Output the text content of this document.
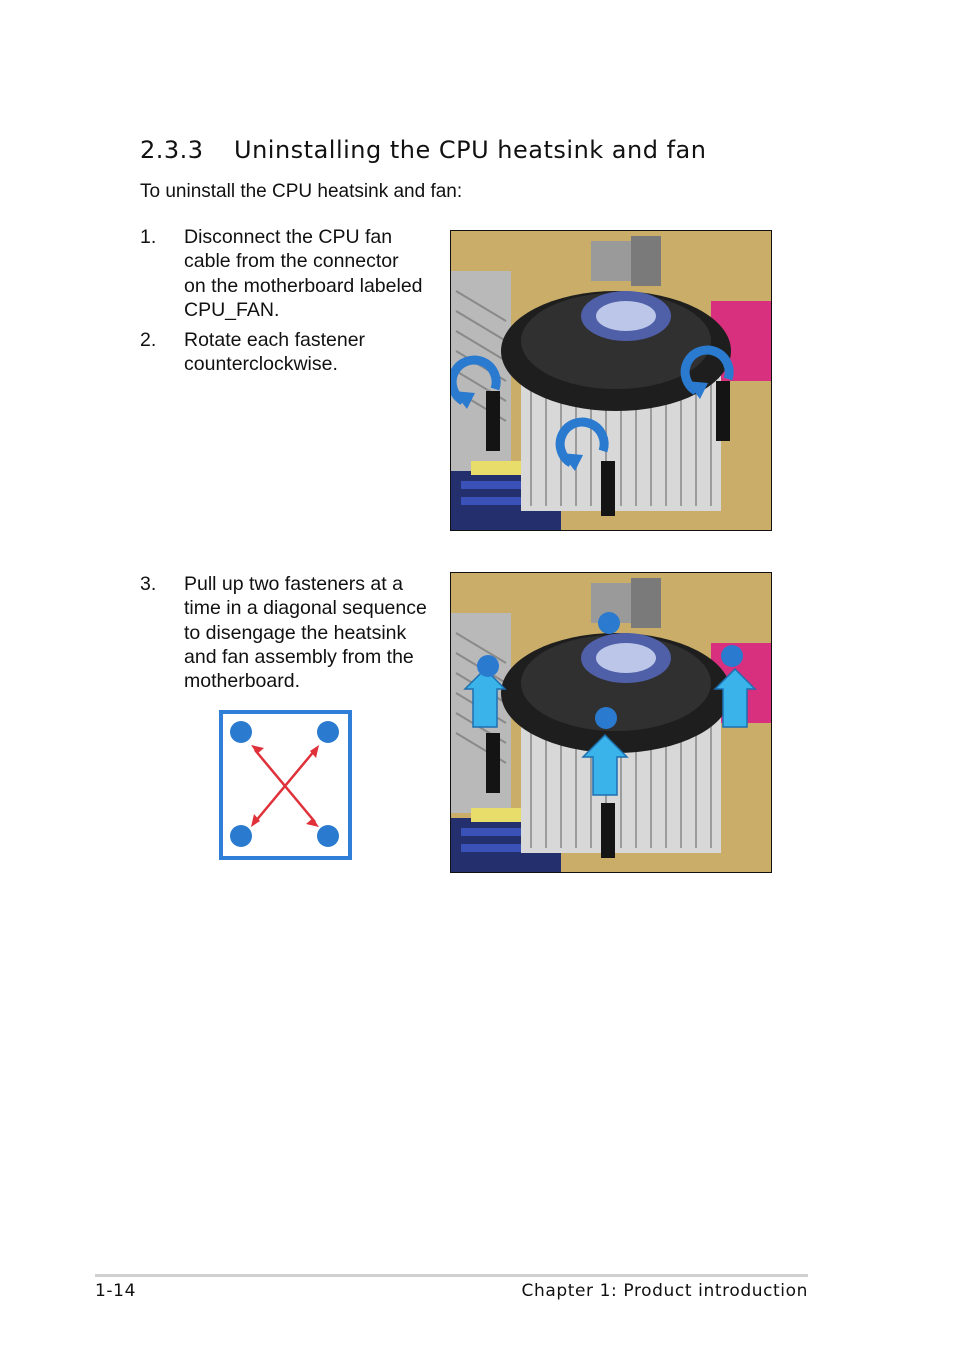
2.3.3 Uninstalling the CPU heatsink and fan

To uninstall the CPU heatsink and fan:

1. Disconnect the CPU fan
cable from the connector
on the motherboard labeled
CPU_FAN.
2. Rotate each fastener
counterclockwise.
3. Pull up two fasteners at a
time in a diagonal sequence
to disengage the heatsink
and fan assembly from the
motherboard.
1-14	Chapter 1: Product introduction
